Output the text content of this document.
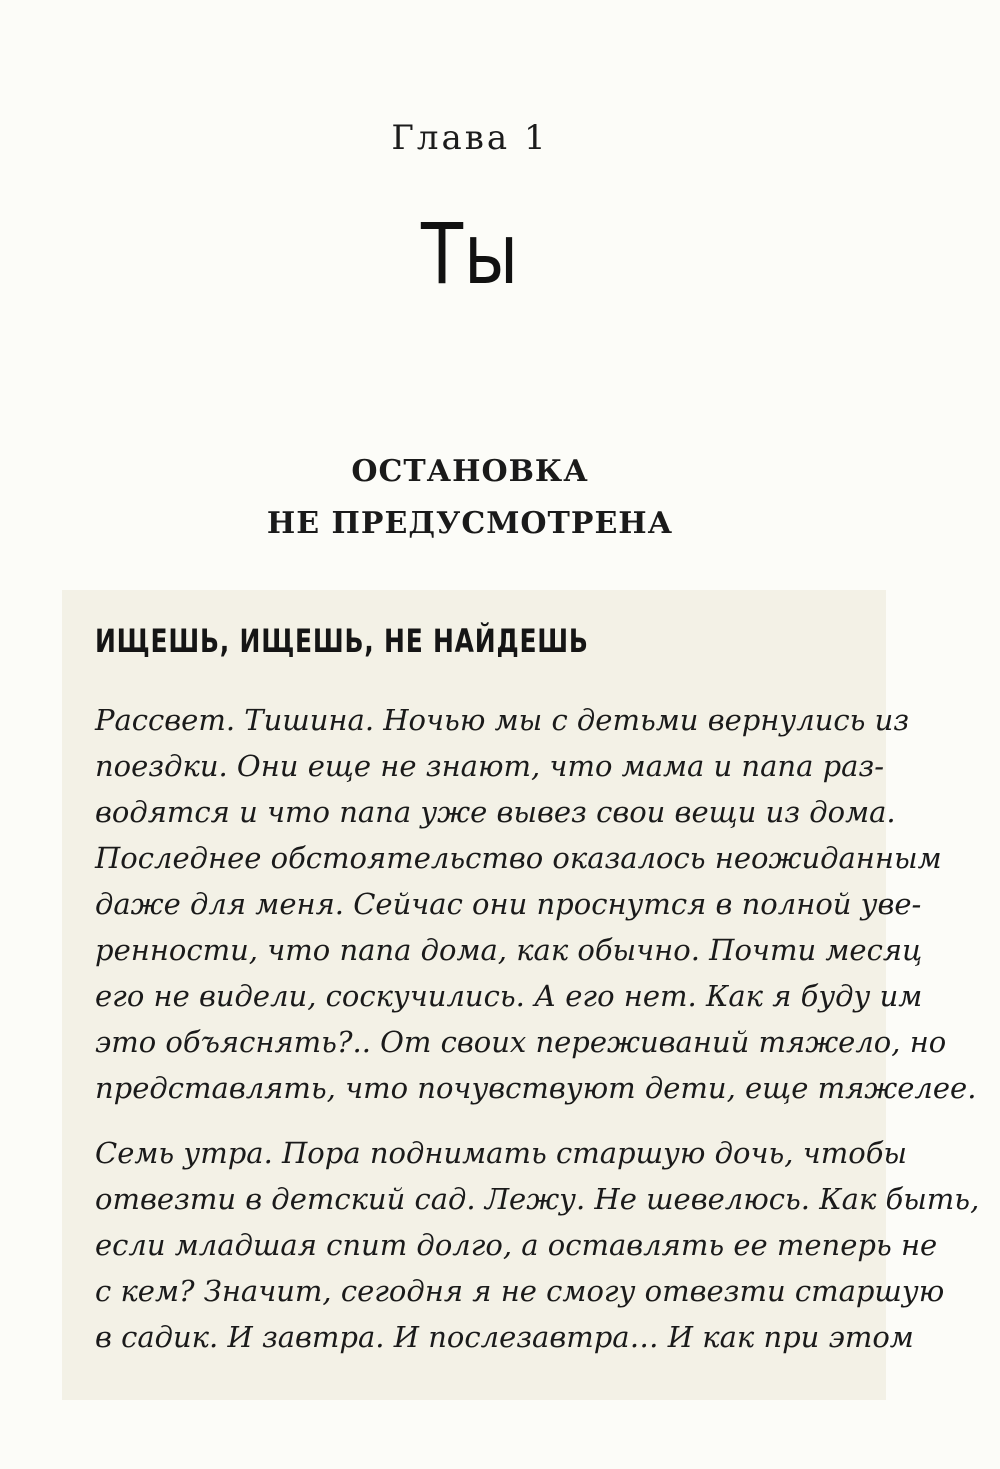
Глава 1
Ты
ОСТАНОВКА
НЕ ПРЕДУСМОТРЕНА
ИЩЕШЬ, ИЩЕШЬ, НЕ НАЙДЕШЬ
Рассвет. Тишина. Ночью мы с детьми вернулись из
поездки. Они еще не знают, что мама и папа раз-
водятся и что папа уже вывез свои вещи из дома.
Последнее обстоятельство оказалось неожиданным
даже для меня. Сейчас они проснутся в полной уве-
ренности, что папа дома, как обычно. Почти месяц
его не видели, соскучились. А его нет. Как я буду им
это объяснять?.. От своих переживаний тяжело, но
представлять, что почувствуют дети, еще тяжелее.
Семь утра. Пора поднимать старшую дочь, чтобы
отвезти в детский сад. Лежу. Не шевелюсь. Как быть,
если младшая спит долго, а оставлять ее теперь не
с кем? Значит, сегодня я не смогу отвезти старшую
в садик. И завтра. И послезавтра… И как при этом
